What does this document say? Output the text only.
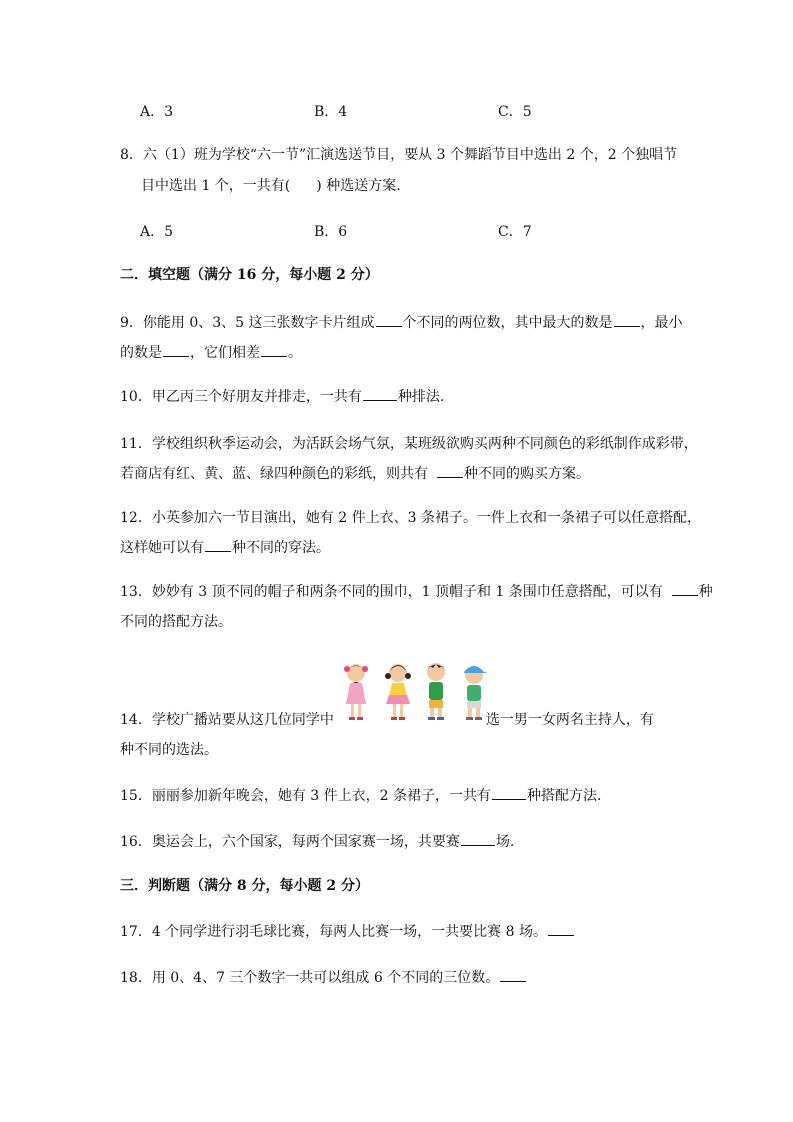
A．3	B．4	C．5
8．六（1）班为学校“六一节”汇演选送节目，要从 3 个舞蹈节目中选出 2 个，2 个独唱节
目中选出 1 个，一共有( ) 种选送方案.
A．5	B．6	C．7
二．填空题（满分 16 分，每小题 2 分）
9．你能用 0、3、5 这三张数字卡片组成 个不同的两位数，其中最大的数是 ，最小
的数是 ，它们相差 。
10．甲乙丙三个好朋友并排走，一共有	种排法.
11．学校组织秋季运动会，为活跃会场气氛，某班级欲购买两种不同颜色的彩纸制作成彩带，
若商店有红、黄、蓝、绿四种颜色的彩纸，则共有	种不同的购买方案。
12．小英参加六一节目演出，她有 2 件上衣、3 条裙子。一件上衣和一条裙子可以任意搭配，
这样她可以有 种不同的穿法。
13．妙妙有 3 顶不同的帽子和两条不同的围巾，1 顶帽子和 1 条围巾任意搭配，可以有	种
不同的搭配方法。
14．学校广播站要从这几位同学中	选一男一女两名主持人，有
种不同的选法。
15．丽丽参加新年晚会，她有 3 件上衣，2 条裙子，一共有	种搭配方法.
16．奥运会上，六个国家，每两个国家赛一场，共要赛	场.
三．判断题（满分 8 分，每小题 2 分）
17．4 个同学进行羽毛球比赛，每两人比赛一场，一共要比赛 8 场。
18．用 0、4、7 三个数字一共可以组成 6 个不同的三位数。
